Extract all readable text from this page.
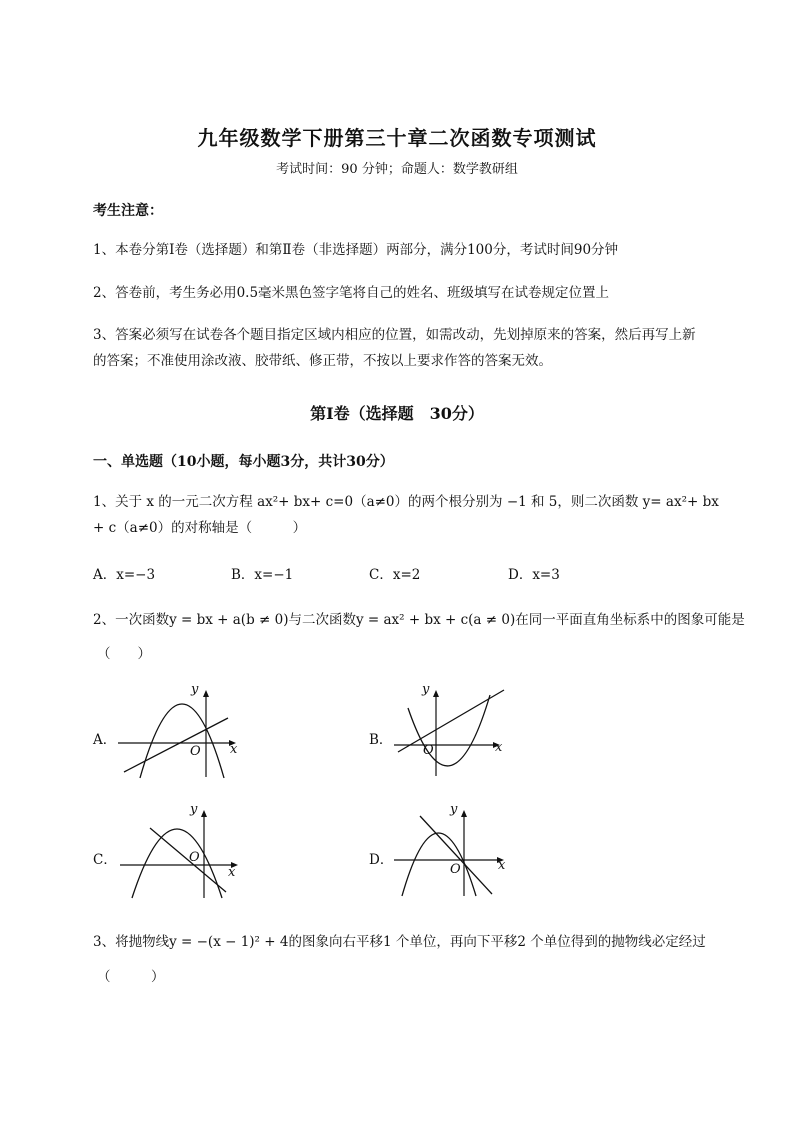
九年级数学下册第三十章二次函数专项测试
考试时间：90 分钟；命题人：数学教研组
考生注意：
1、本卷分第Ⅰ卷（选择题）和第Ⅱ卷（非选择题）两部分，满分100分，考试时间90分钟
2、答卷前，考生务必用0.5毫米黑色签字笔将自己的姓名、班级填写在试卷规定位置上
3、答案必须写在试卷各个题目指定区域内相应的位置，如需改动，先划掉原来的答案，然后再写上新
的答案；不准使用涂改液、胶带纸、修正带，不按以上要求作答的答案无效。
第Ⅰ卷（选择题　30分）
一、单选题（10小题，每小题3分，共计30分）
1、关于 x 的一元二次方程 ax²+ bx+ c=0（a≠0）的两个根分别为 −1 和 5，则二次函数 y= ax²+ bx
+ c（a≠0）的对称轴是（　　　）
A．x=−3	B．x=−1	C．x=2	D．x=3
2、一次函数y = bx + a(b ≠ 0)与二次函数y = ax² + bx + c(a ≠ 0)在同一平面直角坐标系中的图象可能是
（　　）
A．
y
x
O
B．
y
x
O
C．
y
x
O	D．
y
x
O
3、将抛物线y = −(x − 1)² + 4的图象向右平移1 个单位，再向下平移2 个单位得到的抛物线必定经过
（　　　）
